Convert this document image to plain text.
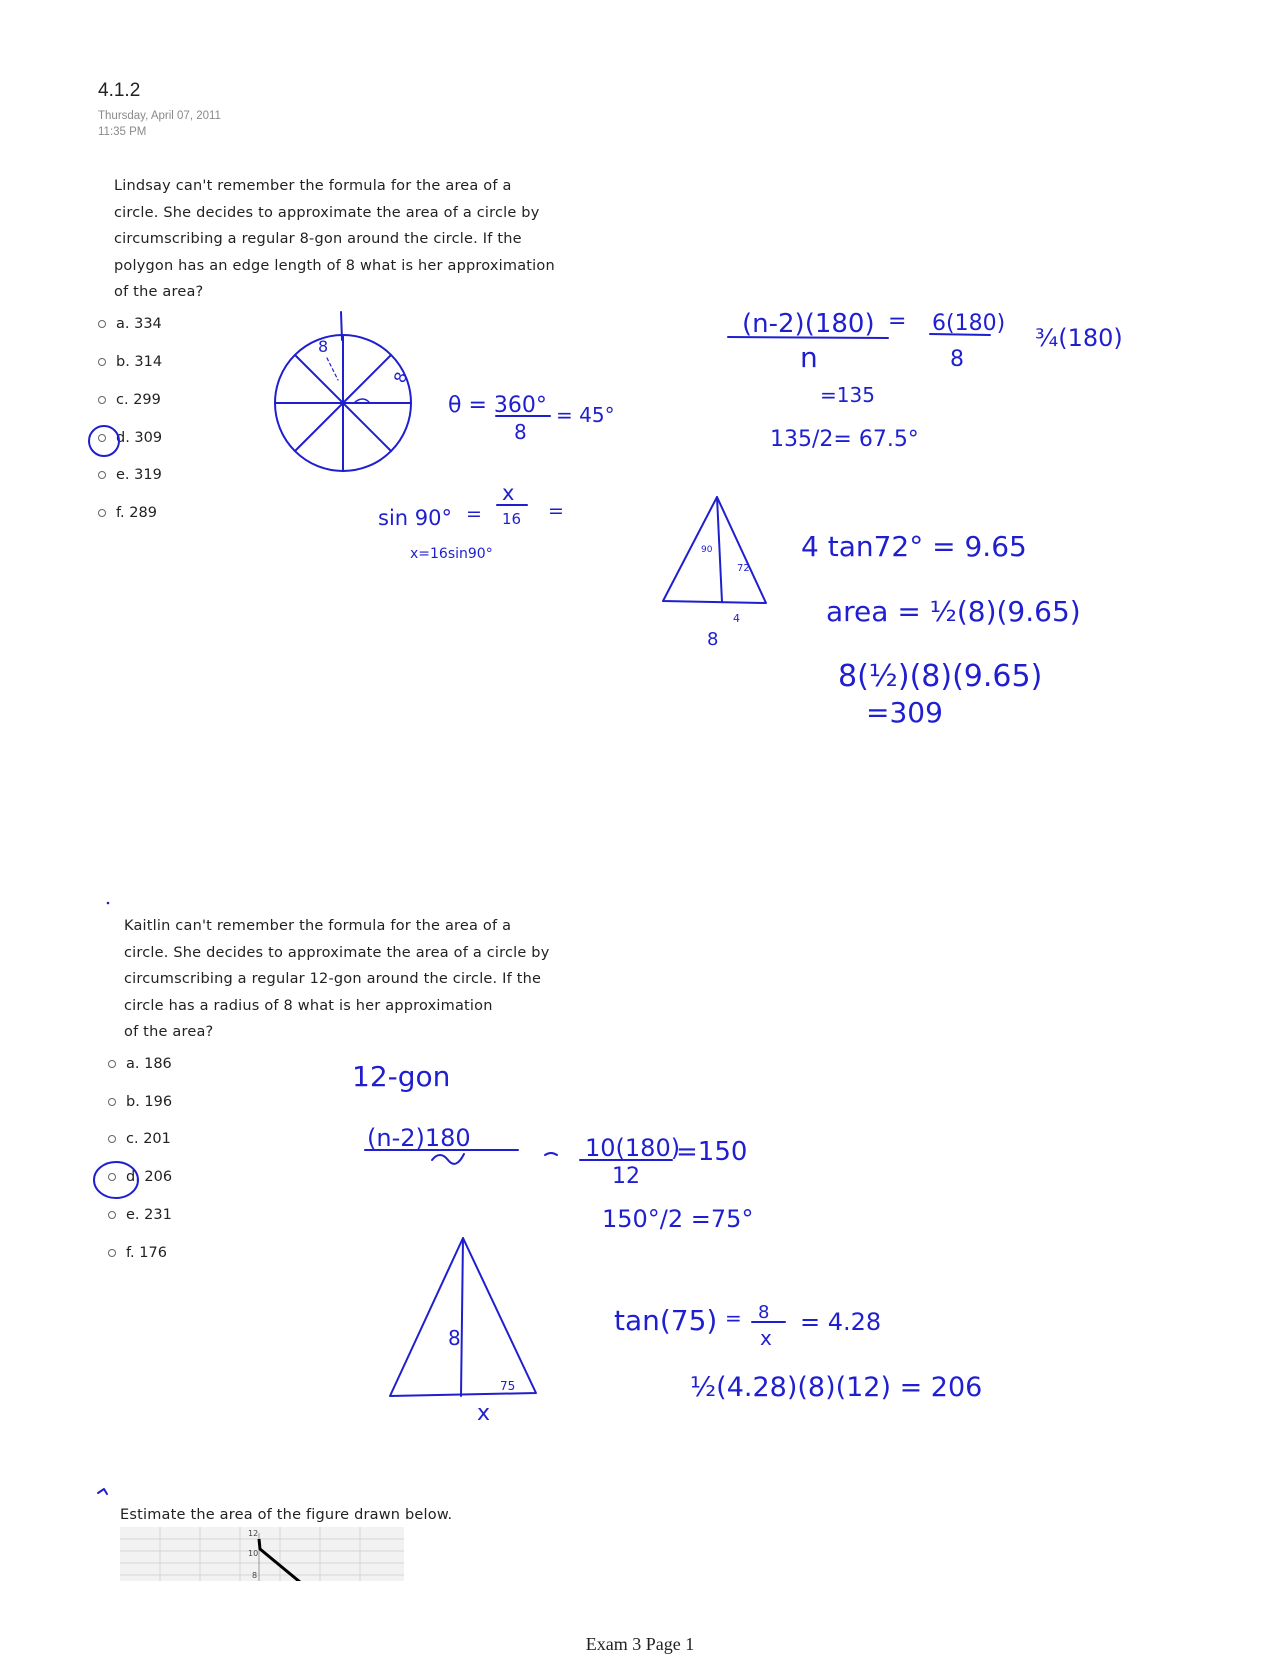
4.1.2
Thursday, April 07, 2011
11:35 PM
Lindsay can't remember the formula for the area of a
circle. She decides to approximate the area of a circle by
circumscribing a regular 8-gon around the circle. If the
polygon has an edge length of 8 what is her approximation
of the area?
a. 334
b. 314
c. 299
d. 309
e. 319
f. 289
Kaitlin can't remember the formula for the area of a
circle. She decides to approximate the area of a circle by
circumscribing a regular 12-gon around the circle. If the
circle has a radius of 8 what is her approximation
of the area?
a. 186
b. 196
c. 201
d. 206
e. 231
f. 176
Estimate the area of the figure drawn below.
12
10
8
(n-2)(180) =
n
6(180)
8
¾(180)
=135
135/2= 67.5°
θ = 360°
8
= 45°
sin 90° =
x
16 =
x=16sin90°	4 tan72° = 9.65
area = ½(8)(9.65)
8(½)(8)(9.65)
=309
12-gon
(n-2)180	10(180)
12
=150
150°/2 =75°
8
75
x
tan(75) = 8
x
= 4.28
½(4.28)(8)(12) = 206
8
4
8
72
90
8
Exam 3 Page 1
